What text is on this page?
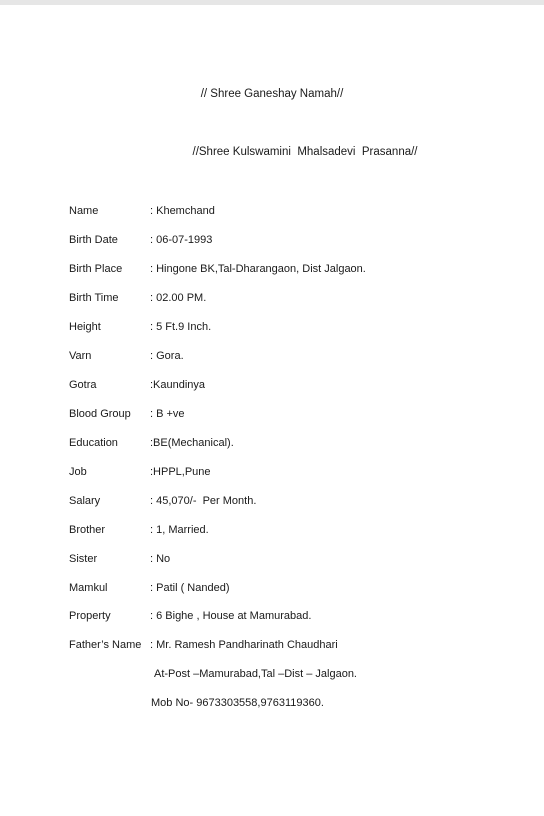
// Shree Ganeshay Namah//
//Shree Kulswamini  Mhalsadevi  Prasanna//

Name

	: Khemchand

Birth Date

	: 06-07-1993

Birth Place

	: Hingone BK,Tal-Dharangaon, Dist Jalgaon.

Birth Time

	: 02.00 PM.

Height

	: 5 Ft.9 Inch.

Varn

	: Gora.

Gotra

	:Kaundinya

Blood Group

	: B +ve

Education

	:BE(Mechanical).

Job

	:HPPL,Pune

Salary

	: 45,070/-  Per Month.

Brother

	: 1, Married.

Sister

	: No

Mamkul

	: Patil ( Nanded)

Property

	: 6 Bighe , House at Mamurabad.

Father’s Name

: Mr. Ramesh Pandharinath Chaudhari

At-Post –Mamurabad,Tal –Dist – Jalgaon.
Mob No- 9673303558,9763119360.
